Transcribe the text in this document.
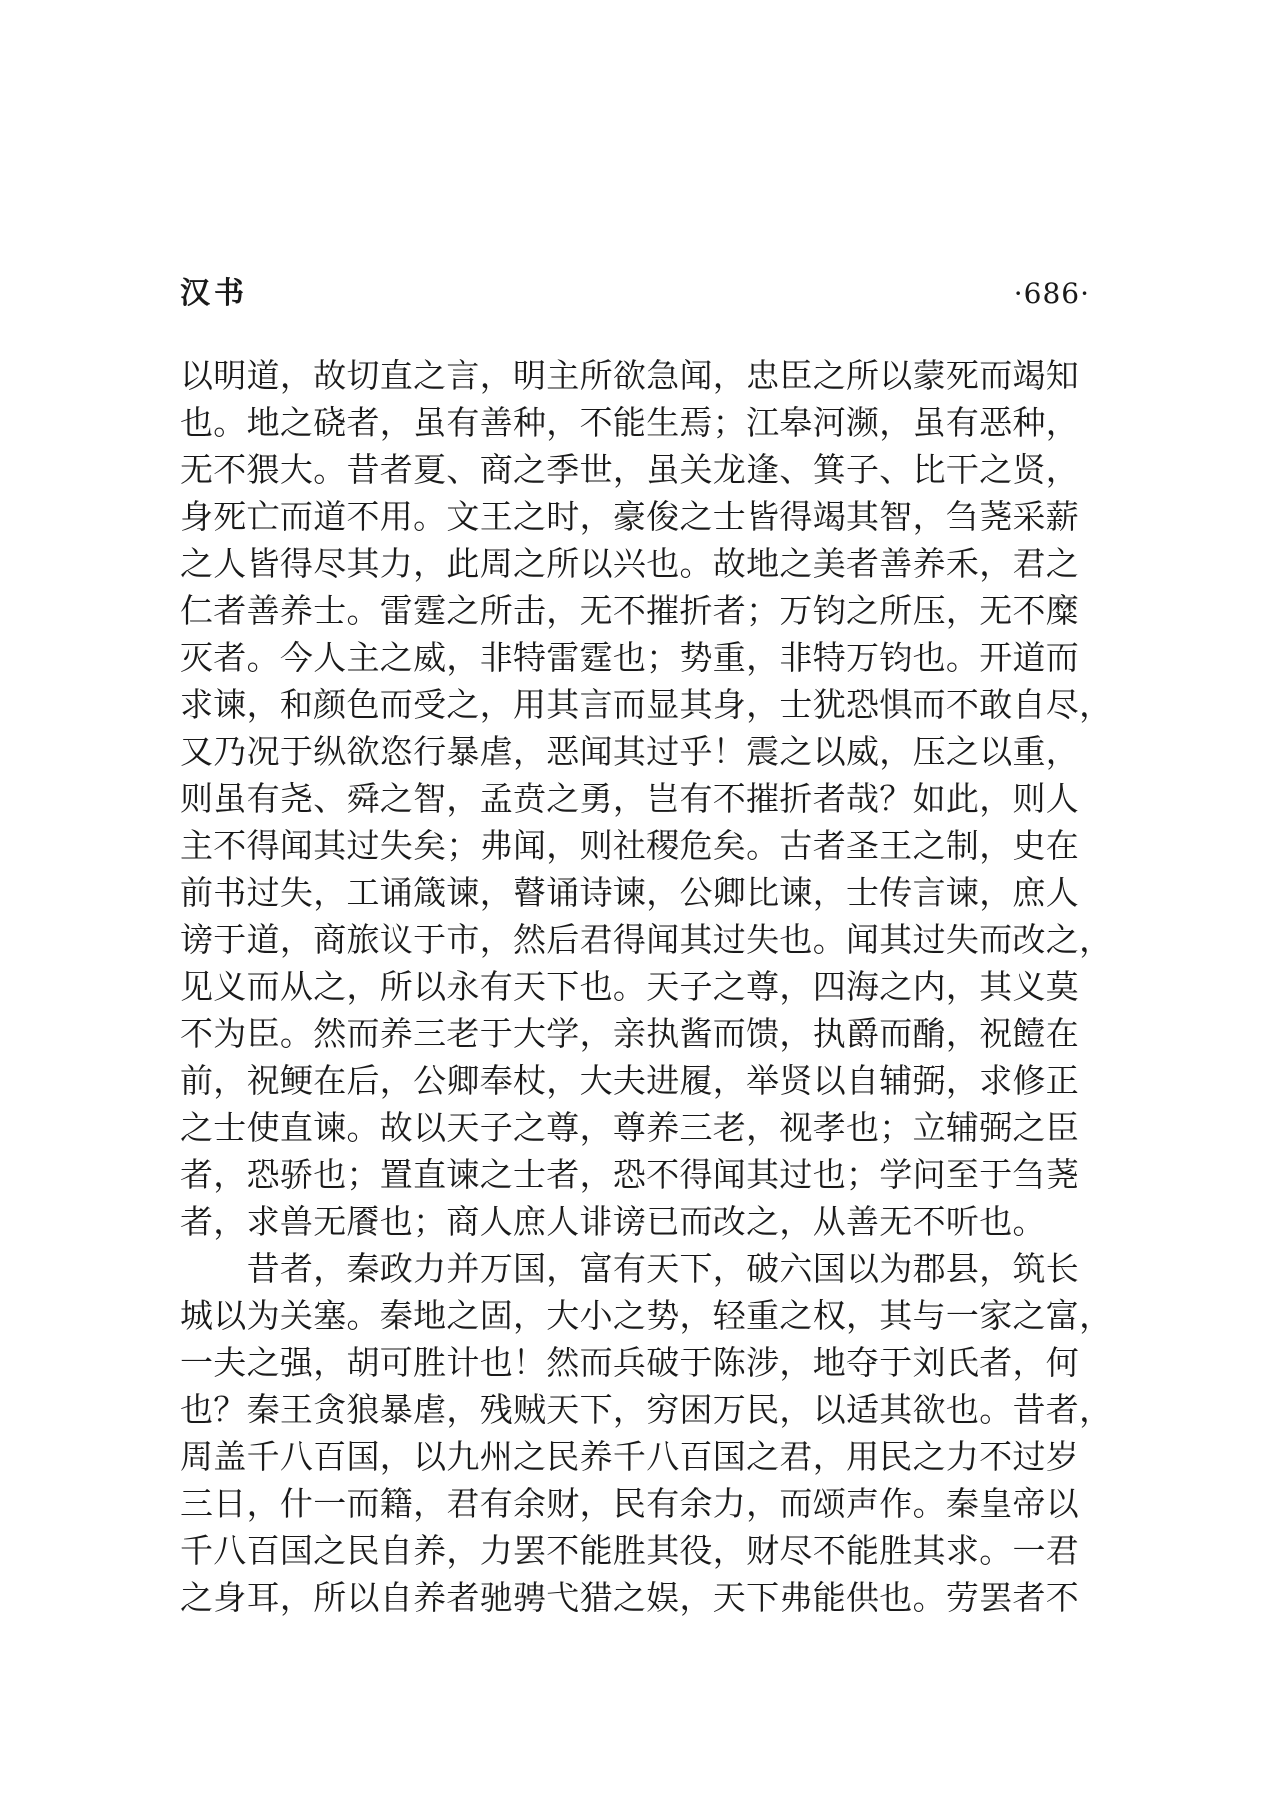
汉书	·686·
以明道，故切直之言，明主所欲急闻，忠臣之所以蒙死而竭知
也。地之硗者，虽有善种，不能生焉；江皋河濒，虽有恶种，
无不猥大。昔者夏、商之季世，虽关龙逢、箕子、比干之贤，
身死亡而道不用。文王之时，豪俊之士皆得竭其智，刍荛采薪
之人皆得尽其力，此周之所以兴也。故地之美者善养禾，君之
仁者善养士。雷霆之所击，无不摧折者；万钧之所压，无不糜
灭者。今人主之威，非特雷霆也；势重，非特万钧也。开道而
求谏，和颜色而受之，用其言而显其身，士犹恐惧而不敢自尽，
又乃况于纵欲恣行暴虐，恶闻其过乎！震之以威，压之以重，
则虽有尧、舜之智，孟贲之勇，岂有不摧折者哉？如此，则人
主不得闻其过失矣；弗闻，则社稷危矣。古者圣王之制，史在
前书过失，工诵箴谏，瞽诵诗谏，公卿比谏，士传言谏，庶人
谤于道，商旅议于市，然后君得闻其过失也。闻其过失而改之，
见义而从之，所以永有天下也。天子之尊，四海之内，其义莫
不为臣。然而养三老于大学，亲执酱而馈，执爵而酳，祝饐在
前，祝鲠在后，公卿奉杖，大夫进履，举贤以自辅弼，求修正
之士使直谏。故以天子之尊，尊养三老，视孝也；立辅弼之臣
者，恐骄也；置直谏之士者，恐不得闻其过也；学问至于刍荛
者，求兽无餍也；商人庶人诽谤已而改之，从善无不听也。
　　昔者，秦政力并万国，富有天下，破六国以为郡县，筑长
城以为关塞。秦地之固，大小之势，轻重之权，其与一家之富，
一夫之强，胡可胜计也！然而兵破于陈涉，地夺于刘氏者，何
也？秦王贪狼暴虐，残贼天下，穷困万民，以适其欲也。昔者，
周盖千八百国，以九州之民养千八百国之君，用民之力不过岁
三日，什一而籍，君有余财，民有余力，而颂声作。秦皇帝以
千八百国之民自养，力罢不能胜其役，财尽不能胜其求。一君
之身耳，所以自养者驰骋弋猎之娱，天下弗能供也。劳罢者不
